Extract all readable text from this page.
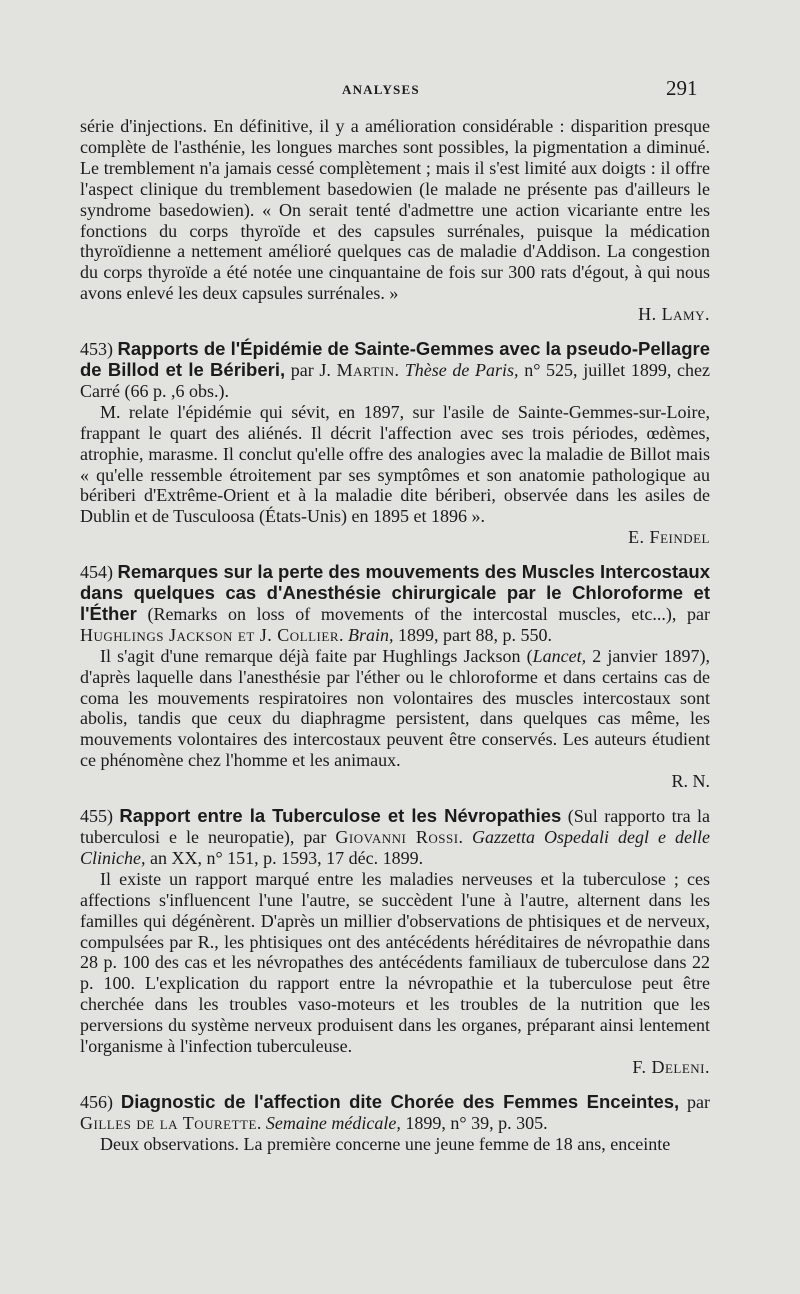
ANALYSES	291

série d'injections. En définitive, il y a amélioration considérable : disparition presque complète de l'asthénie, les longues marches sont possibles, la pigmentation a diminué. Le tremblement n'a jamais cessé complètement ; mais il s'est limité aux doigts : il offre l'aspect clinique du tremblement basedowien (le malade ne présente pas d'ailleurs le syndrome basedowien). « On serait tenté d'admettre une action vicariante entre les fonctions du corps thyroïde et des capsules surrénales, puisque la médication thyroïdienne a nettement amélioré quelques cas de maladie d'Addison. La congestion du corps thyroïde a été notée une cinquantaine de fois sur 300 rats d'égout, à qui nous avons enlevé les deux capsules surrénales. »

H. Lamy.

453) Rapports de l'Épidémie de Sainte-Gemmes avec la pseudo-Pellagre de Billod et le Bériberi, par J. Martin. Thèse de Paris, n° 525, juillet 1899, chez Carré (66 p. ,6 obs.).

M. relate l'épidémie qui sévit, en 1897, sur l'asile de Sainte-Gemmes-sur-Loire, frappant le quart des aliénés. Il décrit l'affection avec ses trois périodes, œdèmes, atrophie, marasme. Il conclut qu'elle offre des analogies avec la maladie de Billot mais « qu'elle ressemble étroitement par ses symptômes et son anatomie pathologique au bériberi d'Extrême-Orient et à la maladie dite bériberi, observée dans les asiles de Dublin et de Tusculoosa (États-Unis) en 1895 et 1896 ».

E. Feindel

454) Remarques sur la perte des mouvements des Muscles Intercostaux dans quelques cas d'Anesthésie chirurgicale par le Chloroforme et l'Éther (Remarks on loss of movements of the intercostal muscles, etc...), par Hughlings Jackson et J. Collier. Brain, 1899, part 88, p. 550.

Il s'agit d'une remarque déjà faite par Hughlings Jackson (Lancet, 2 janvier 1897), d'après laquelle dans l'anesthésie par l'éther ou le chloroforme et dans certains cas de coma les mouvements respiratoires non volontaires des muscles intercostaux sont abolis, tandis que ceux du diaphragme persistent, dans quelques cas même, les mouvements volontaires des intercostaux peuvent être conservés. Les auteurs étudient ce phénomène chez l'homme et les animaux.

R. N.

455) Rapport entre la Tuberculose et les Névropathies (Sul rapporto tra la tuberculosi e le neuropatie), par Giovanni Rossi. Gazzetta Ospedali degl e delle Cliniche, an XX, n° 151, p. 1593, 17 déc. 1899.

Il existe un rapport marqué entre les maladies nerveuses et la tuberculose ; ces affections s'influencent l'une l'autre, se succèdent l'une à l'autre, alternent dans les familles qui dégénèrent. D'après un millier d'observations de phtisiques et de nerveux, compulsées par R., les phtisiques ont des antécédents héréditaires de névropathie dans 28 p. 100 des cas et les névropathes des antécédents familiaux de tuberculose dans 22 p. 100. L'explication du rapport entre la névropathie et la tuberculose peut être cherchée dans les troubles vaso-moteurs et les troubles de la nutrition que les perversions du système nerveux produisent dans les organes, préparant ainsi lentement l'organisme à l'infection tuberculeuse.

F. Deleni.

456) Diagnostic de l'affection dite Chorée des Femmes Enceintes, par Gilles de la Tourette. Semaine médicale, 1899, n° 39, p. 305.

Deux observations. La première concerne une jeune femme de 18 ans, enceinte
